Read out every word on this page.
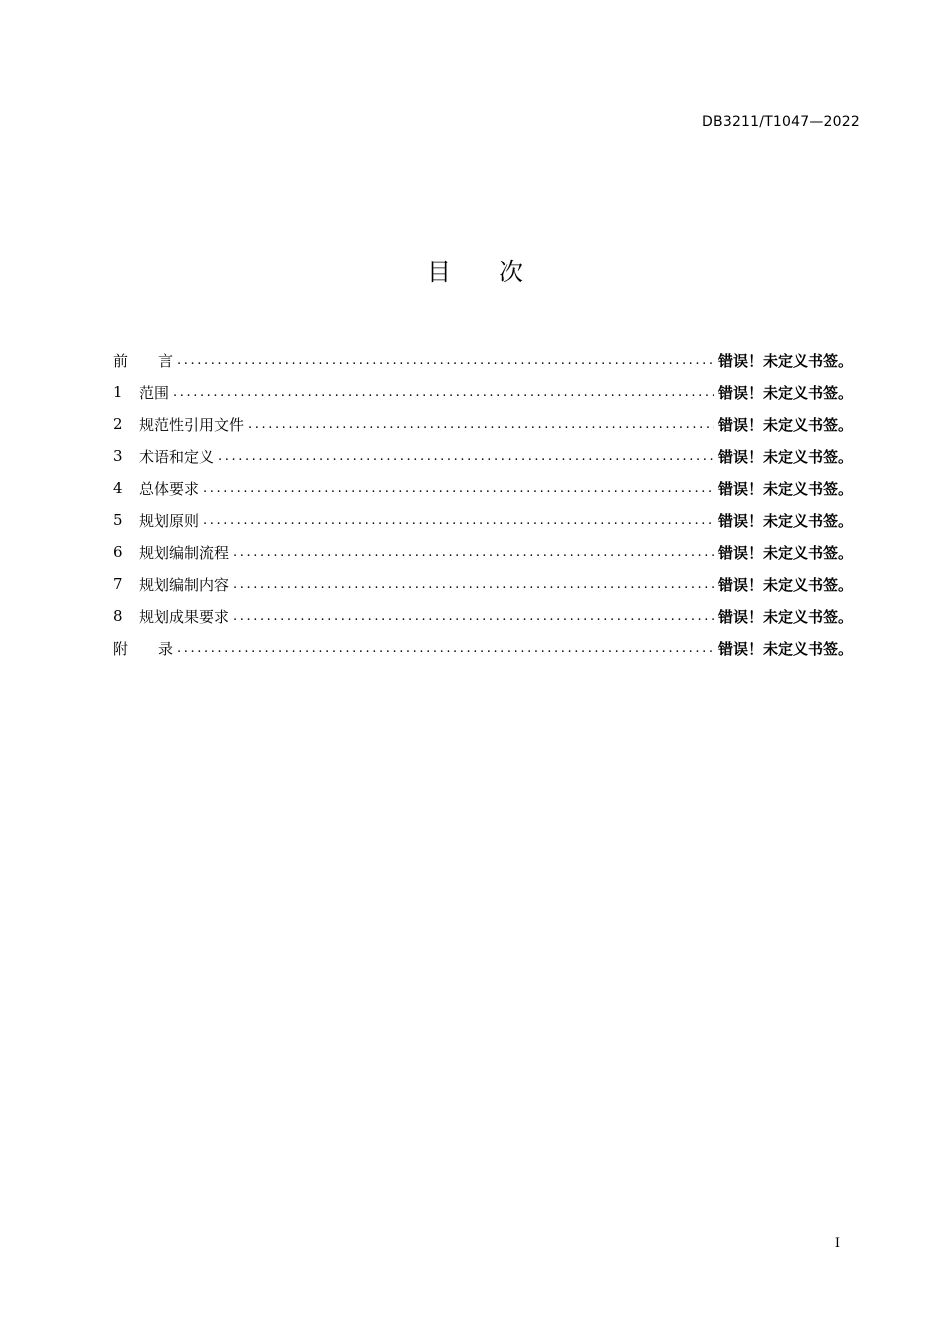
DB3211/T1047—2022
目 次
前 言 .....	错误！未定义书签。
1	范围 .....	错误！未定义书签。
2	规范性引用文件 .....	错误！未定义书签。
3	术语和定义 .....	错误！未定义书签。
4	总体要求 .....	错误！未定义书签。
5	规划原则 .....	错误！未定义书签。
6	规划编制流程 .....	错误！未定义书签。
7	规划编制内容 .....	错误！未定义书签。
8	规划成果要求 .....	错误！未定义书签。
附 录 .....	错误！未定义书签。
I
